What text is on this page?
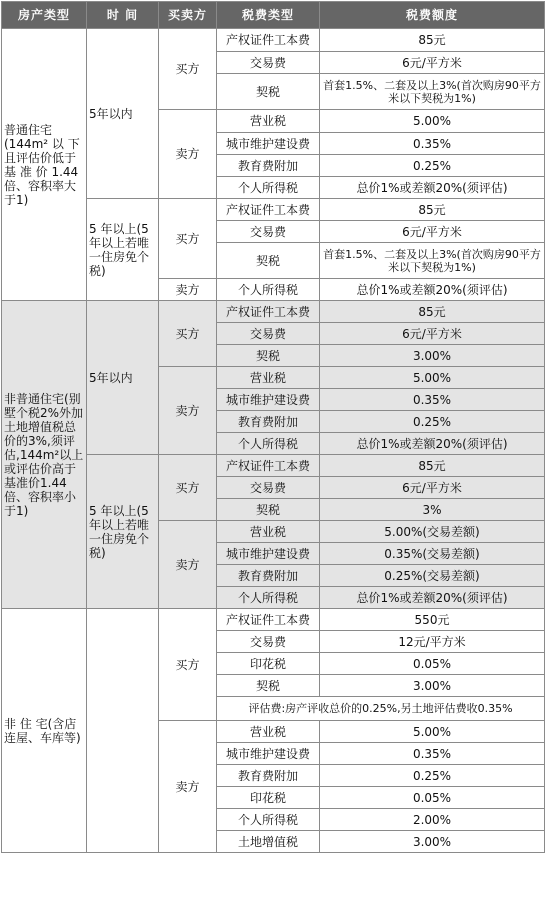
房产类型	时 间	买卖方	税费类型	税费额度
普通住宅(144m² 以 下且评估价低于基 准 价 1.44倍、容积率大于1)	5年以内	买方	产权证件工本费	85元
			交易费	6元/平方米
			契税	首套1.5%、二套及以上3%(首次购房90平方米以下契税为1%)
		卖方	营业税	5.00%
			城市维护建设费	0.35%
			教育费附加	0.25%
			个人所得税	总价1%或差额20%(须评估)
	5 年以上(5年以上若唯一住房免个税)	买方	产权证件工本费	85元
			交易费	6元/平方米
			契税	首套1.5%、二套及以上3%(首次购房90平方米以下契税为1%)
		卖方	个人所得税	总价1%或差额20%(须评估)
非普通住宅(别墅个税2%外加土地增值税总价的3%,须评估,144m²以上或评估价高于基准价1.44倍、容积率小于1)	5年以内	买方	产权证件工本费	85元
			交易费	6元/平方米
			契税	3.00%
		卖方	营业税	5.00%
			城市维护建设费	0.35%
			教育费附加	0.25%
			个人所得税	总价1%或差额20%(须评估)
	5 年以上(5年以上若唯一住房免个税)	买方	产权证件工本费	85元
			交易费	6元/平方米
			契税	3%
		卖方	营业税	5.00%(交易差额)
			城市维护建设费	0.35%(交易差额)
			教育费附加	0.25%(交易差额)
			个人所得税	总价1%或差额20%(须评估)
非 住 宅(含店连屋、车库等)		买方	产权证件工本费	550元
			交易费	12元/平方米
			印花税	0.05%
			契税	3.00%
			评估费:房产评收总价的0.25%,另土地评估费收0.35%	
		卖方	营业税	5.00%
			城市维护建设费	0.35%
			教育费附加	0.25%
			印花税	0.05%
			个人所得税	2.00%
			土地增值税	3.00%
